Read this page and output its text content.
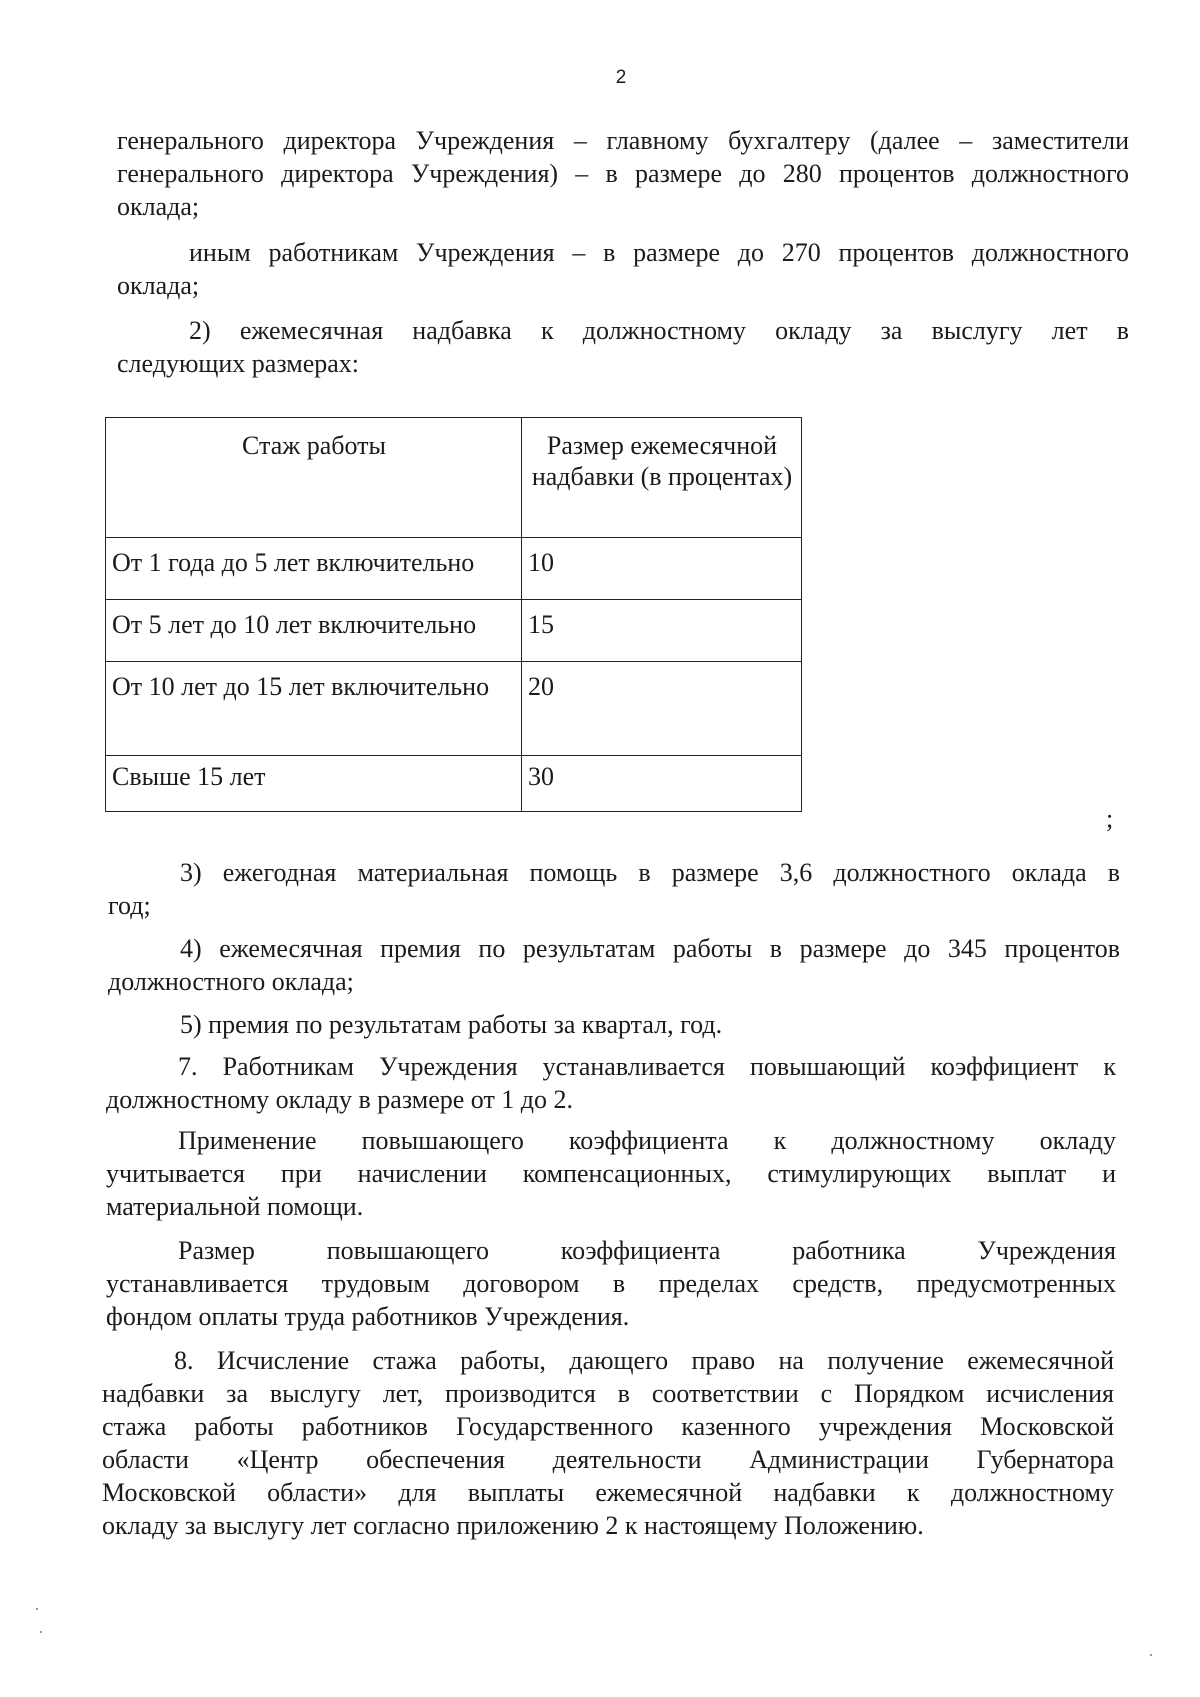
2

генерального директора Учреждения – главному бухгалтеру (далее – заместители

генерального директора Учреждения) – в размере до 280 процентов должностного

оклада;

иным работникам Учреждения – в размере до 270 процентов должностного

оклада;

2) ежемесячная надбавка к должностному окладу за выслугу лет в

следующих размерах:

Стаж работы	Размер ежемесячной надбавки (в процентах)
От 1 года до 5 лет включительно	10
От 5 лет до 10 лет включительно	15
От 10 лет до 15 лет включительно	20
Свыше 15 лет	30
;

3) ежегодная материальная помощь в размере 3,6 должностного оклада в

год;

4) ежемесячная премия по результатам работы в размере до 345 процентов

должностного оклада;

5) премия по результатам работы за квартал, год.

7. Работникам Учреждения устанавливается повышающий коэффициент к

должностному окладу в размере от 1 до 2.

Применение повышающего коэффициента к должностному окладу

учитывается при начислении компенсационных, стимулирующих выплат и

материальной помощи.

Размер повышающего коэффициента работника Учреждения

устанавливается трудовым договором в пределах средств, предусмотренных

фондом оплаты труда работников Учреждения.

8. Исчисление стажа работы, дающего право на получение ежемесячной

надбавки за выслугу лет, производится в соответствии с Порядком исчисления

стажа работы работников Государственного казенного учреждения Московской

области «Центр обеспечения деятельности Администрации Губернатора

Московской области» для выплаты ежемесячной надбавки к должностному

окладу за выслугу лет согласно приложению 2 к настоящему Положению.
